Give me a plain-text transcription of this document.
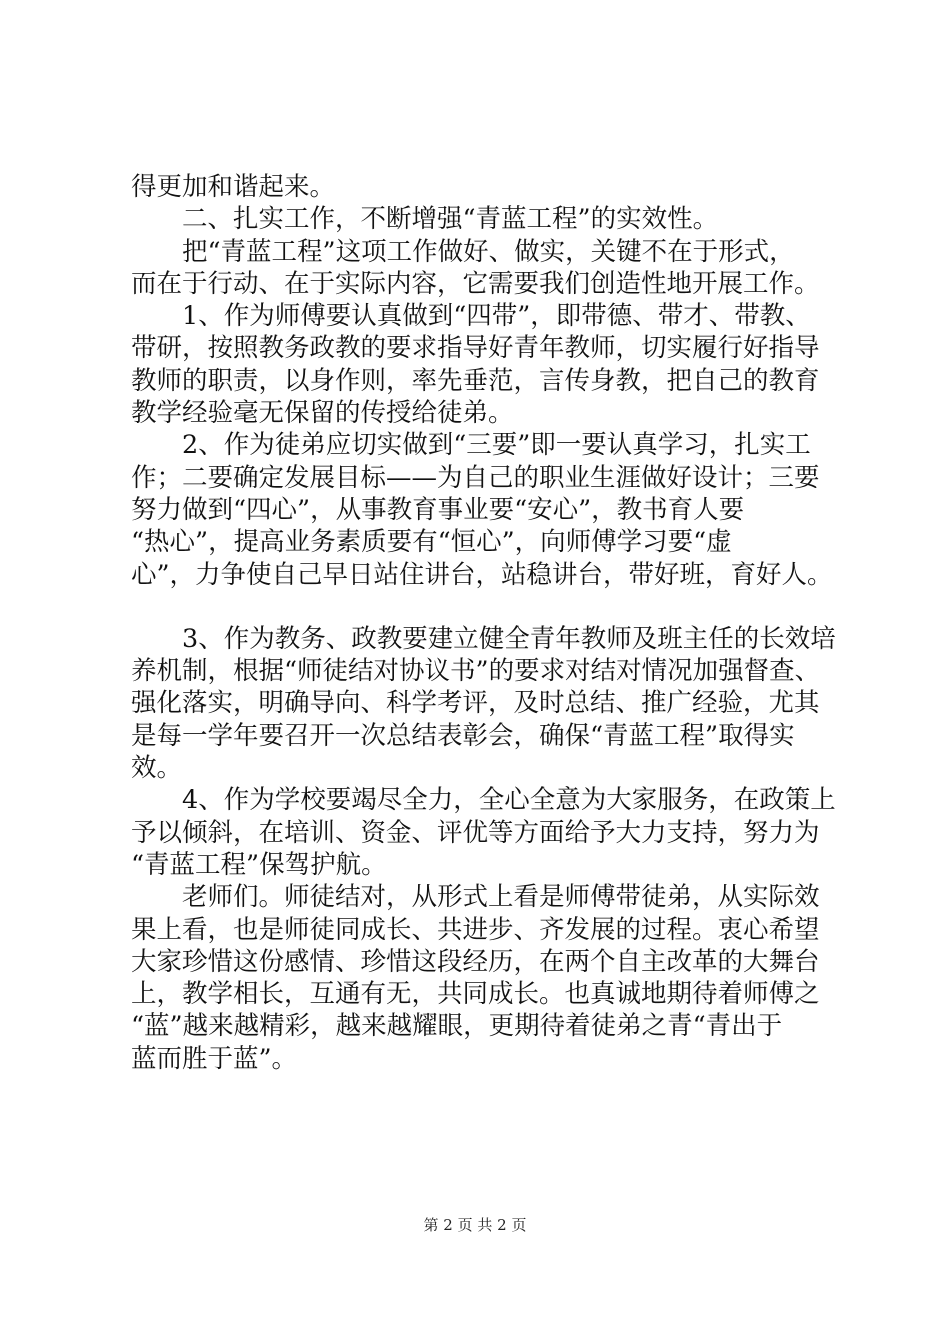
得更加和谐起来。
　　二、扎实工作，不断增强“青蓝工程”的实效性。
　　把“青蓝工程”这项工作做好、做实，关键不在于形式，
而在于行动、在于实际内容，它需要我们创造性地开展工作。
　　1、作为师傅要认真做到“四带”，即带德、带才、带教、
带研，按照教务政教的要求指导好青年教师，切实履行好指导
教师的职责，以身作则，率先垂范，言传身教，把自己的教育
教学经验毫无保留的传授给徒弟。
　　2、作为徒弟应切实做到“三要”即一要认真学习，扎实工
作；二要确定发展目标——为自己的职业生涯做好设计；三要
努力做到“四心”，从事教育事业要“安心”，教书育人要
“热心”，提高业务素质要有“恒心”，向师傅学习要“虚
心”，力争使自己早日站住讲台，站稳讲台，带好班，育好人。
　　3、作为教务、政教要建立健全青年教师及班主任的长效培
养机制，根据“师徒结对协议书”的要求对结对情况加强督查、
强化落实，明确导向、科学考评，及时总结、推广经验，尤其
是每一学年要召开一次总结表彰会，确保“青蓝工程”取得实
效。
　　4、作为学校要竭尽全力，全心全意为大家服务，在政策上
予以倾斜，在培训、资金、评优等方面给予大力支持，努力为
“青蓝工程”保驾护航。
　　老师们。师徒结对，从形式上看是师傅带徒弟，从实际效
果上看，也是师徒同成长、共进步、齐发展的过程。衷心希望
大家珍惜这份感情、珍惜这段经历，在两个自主改革的大舞台
上，教学相长，互通有无，共同成长。也真诚地期待着师傅之
“蓝”越来越精彩，越来越耀眼，更期待着徒弟之青“青出于
蓝而胜于蓝”。
第 2 页 共 2 页
